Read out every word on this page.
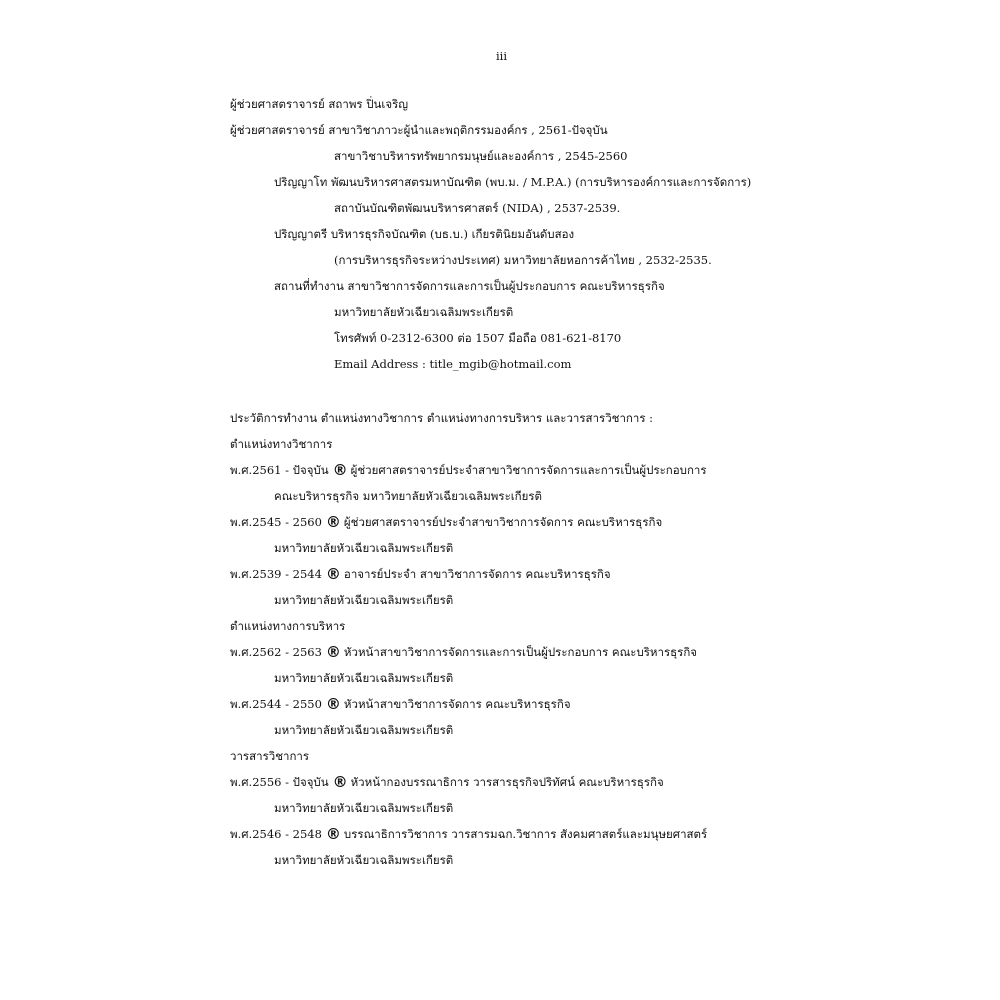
iii
ผู้ช่วยศาสตราจารย์ สถาพร ปิ่นเจริญ
ผู้ช่วยศาสตราจารย์ สาขาวิชาภาวะผู้นำและพฤติกรรมองค์กร , 2561-ปัจจุบัน
สาขาวิชาบริหารทรัพยากรมนุษย์และองค์การ , 2545-2560
ปริญญาโท พัฒนบริหารศาสตรมหาบัณฑิต (พบ.ม. / M.P.A.) (การบริหารองค์การและการจัดการ)
สถาบันบัณฑิตพัฒนบริหารศาสตร์ (NIDA) , 2537-2539.
ปริญญาตรี บริหารธุรกิจบัณฑิต (บธ.บ.) เกียรตินิยมอันดับสอง
(การบริหารธุรกิจระหว่างประเทศ) มหาวิทยาลัยหอการค้าไทย , 2532-2535.
สถานที่ทำงาน สาขาวิชาการจัดการและการเป็นผู้ประกอบการ คณะบริหารธุรกิจ
มหาวิทยาลัยหัวเฉียวเฉลิมพระเกียรติ
โทรศัพท์ 0-2312-6300 ต่อ 1507 มือถือ 081-621-8170
Email Address : title_mgib@hotmail.com
ประวัติการทำงาน ตำแหน่งทางวิชาการ ตำแหน่งทางการบริหาร และวารสารวิชาการ :
ตำแหน่งทางวิชาการ
พ.ศ.2561 - ปัจจุบัน ® ผู้ช่วยศาสตราจารย์ประจำสาขาวิชาการจัดการและการเป็นผู้ประกอบการ
คณะบริหารธุรกิจ มหาวิทยาลัยหัวเฉียวเฉลิมพระเกียรติ
พ.ศ.2545 - 2560 ® ผู้ช่วยศาสตราจารย์ประจำสาขาวิชาการจัดการ คณะบริหารธุรกิจ
มหาวิทยาลัยหัวเฉียวเฉลิมพระเกียรติ
พ.ศ.2539 - 2544 ® อาจารย์ประจำ สาขาวิชาการจัดการ คณะบริหารธุรกิจ
มหาวิทยาลัยหัวเฉียวเฉลิมพระเกียรติ
ตำแหน่งทางการบริหาร
พ.ศ.2562 - 2563 ® หัวหน้าสาขาวิชาการจัดการและการเป็นผู้ประกอบการ คณะบริหารธุรกิจ
มหาวิทยาลัยหัวเฉียวเฉลิมพระเกียรติ
พ.ศ.2544 - 2550 ® หัวหน้าสาขาวิชาการจัดการ คณะบริหารธุรกิจ
มหาวิทยาลัยหัวเฉียวเฉลิมพระเกียรติ
วารสารวิชาการ
พ.ศ.2556 - ปัจจุบัน ® หัวหน้ากองบรรณาธิการ วารสารธุรกิจปริทัศน์ คณะบริหารธุรกิจ
มหาวิทยาลัยหัวเฉียวเฉลิมพระเกียรติ
พ.ศ.2546 - 2548 ® บรรณาธิการวิชาการ วารสารมฉก.วิชาการ สังคมศาสตร์และมนุษยศาสตร์
มหาวิทยาลัยหัวเฉียวเฉลิมพระเกียรติ
